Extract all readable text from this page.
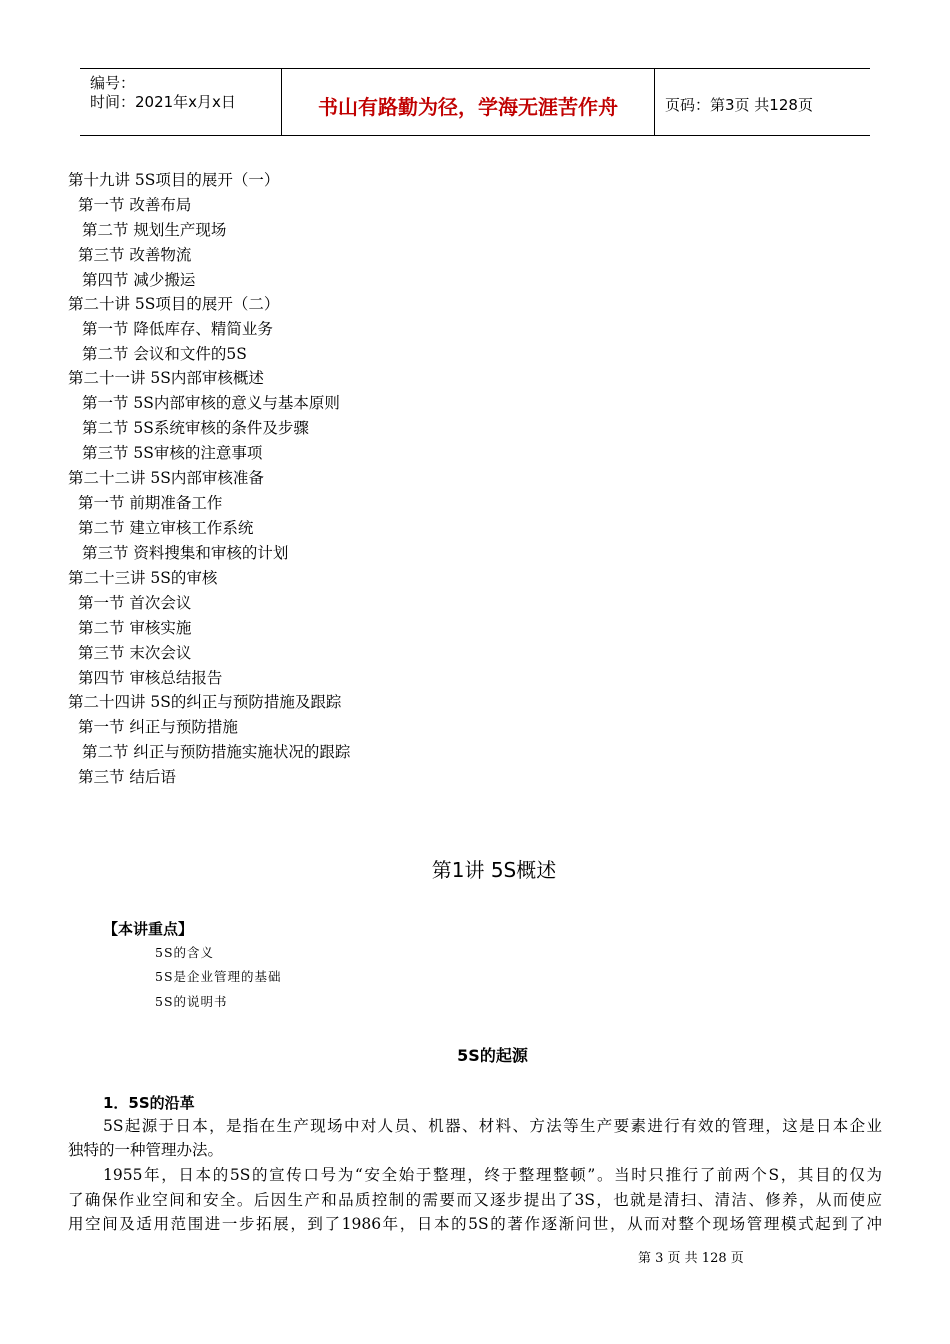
编号：
时间：2021年x月x日	书山有路勤为径，学海无涯苦作舟	页码：第3页 共128页
第十九讲 5S项目的展开（一）
第一节 改善布局
第二节 规划生产现场
第三节 改善物流
第四节 减少搬运
第二十讲 5S项目的展开（二）
第一节 降低库存、精简业务
第二节 会议和文件的5S
第二十一讲 5S内部审核概述
第一节 5S内部审核的意义与基本原则
第二节 5S系统审核的条件及步骤
第三节 5S审核的注意事项
第二十二讲 5S内部审核准备
第一节 前期准备工作
第二节 建立审核工作系统
第三节 资料搜集和审核的计划
第二十三讲 5S的审核
第一节 首次会议
第二节 审核实施
第三节 末次会议
第四节 审核总结报告
第二十四讲 5S的纠正与预防措施及跟踪
第一节 纠正与预防措施
第二节 纠正与预防措施实施状况的跟踪
第三节 结后语
第1讲 5S概述
【本讲重点】
5S的含义
5S是企业管理的基础
5S的说明书
5S的起源
1．5S的沿革
5S起源于日本，是指在生产现场中对人员、机器、材料、方法等生产要素进行有效的管理，这是日本企业
独特的一种管理办法。
1955年，日本的5S的宣传口号为“安全始于整理，终于整理整顿”。当时只推行了前两个S，其目的仅为
了确保作业空间和安全。后因生产和品质控制的需要而又逐步提出了3S，也就是清扫、清洁、修养，从而使应
用空间及适用范围进一步拓展，到了1986年，日本的5S的著作逐渐问世，从而对整个现场管理模式起到了冲
第 3 页 共 128 页
